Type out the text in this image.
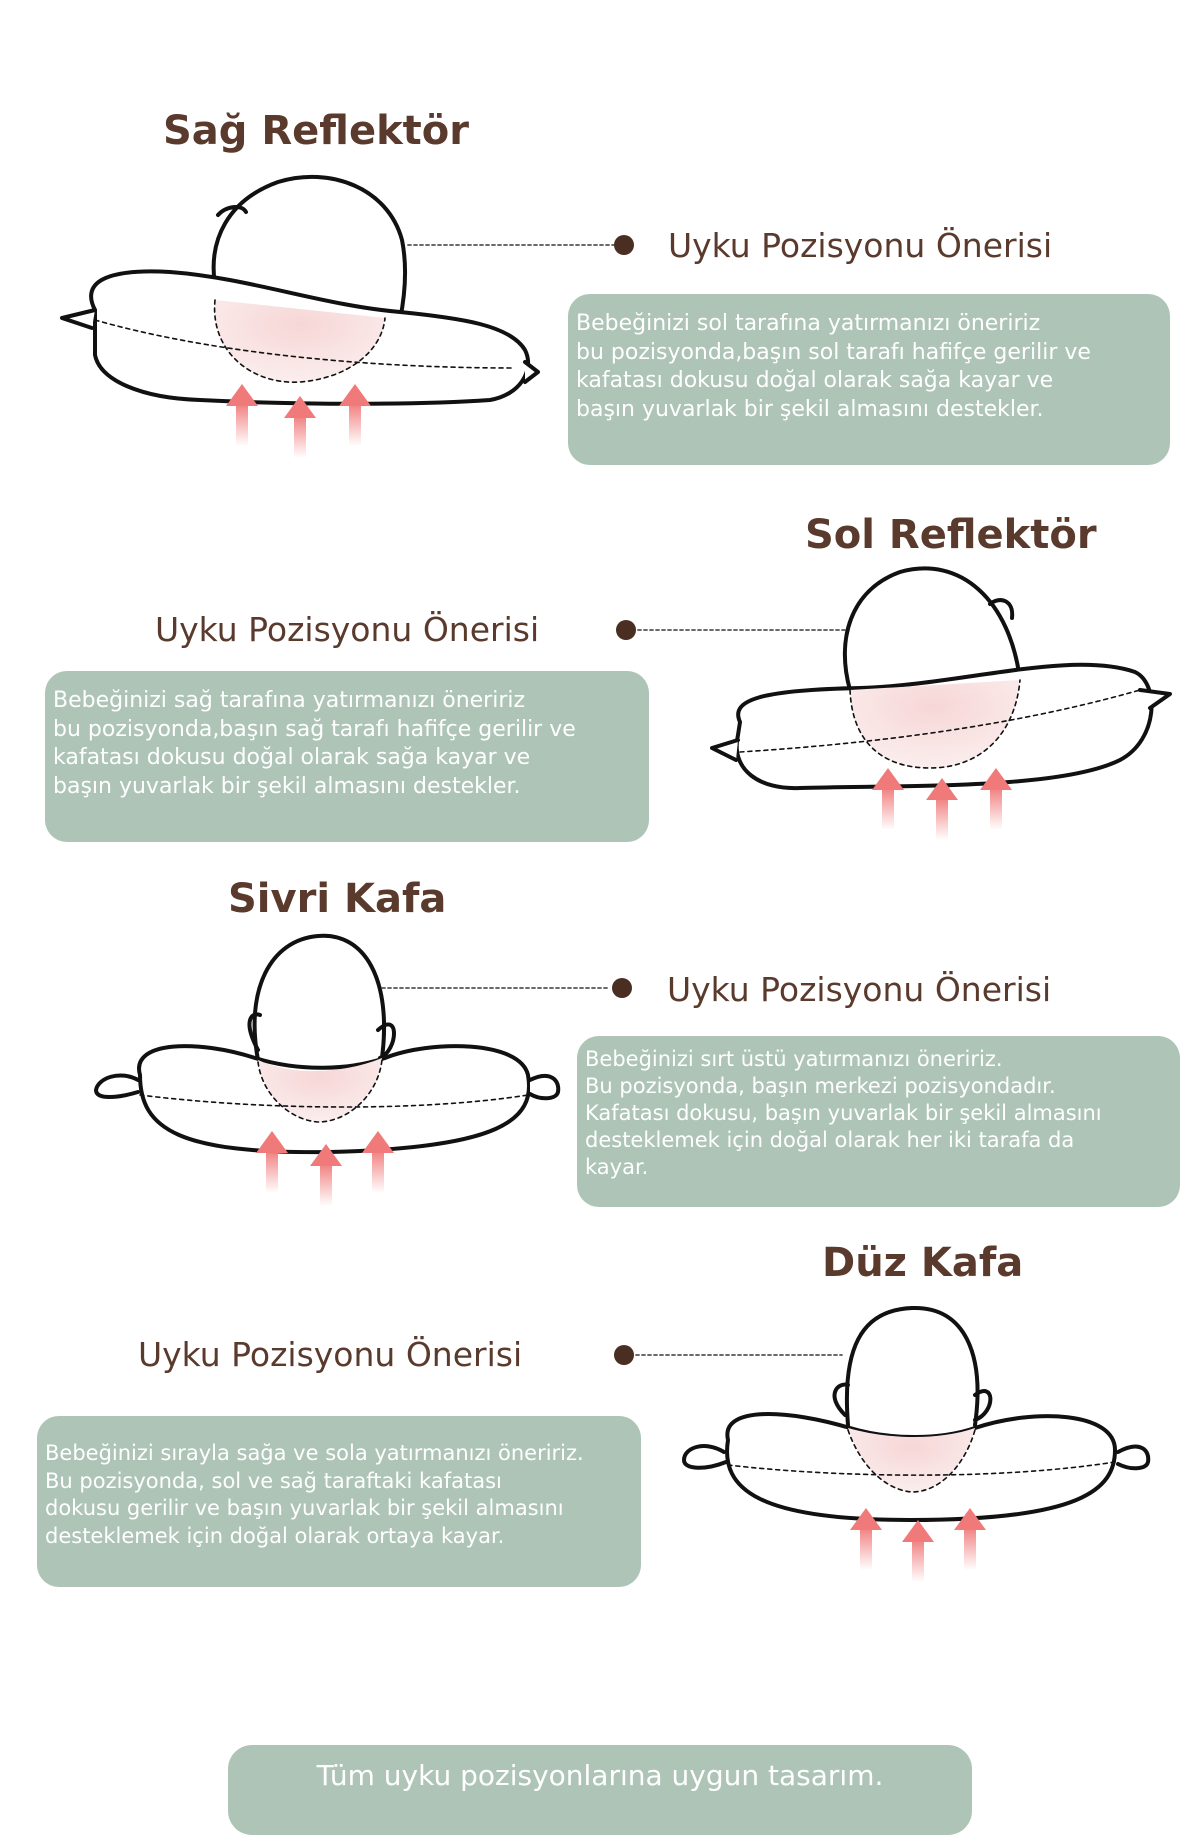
Sağ Reflektör
Uyku Pozisyonu Önerisi
Bebeğinizi sol tarafına yatırmanızı öneririz
bu pozisyonda,başın sol tarafı hafifçe gerilir ve
kafatası dokusu doğal olarak sağa kayar ve
başın yuvarlak bir şekil almasını destekler.
Sol Reflektör
Uyku Pozisyonu Önerisi
Bebeğinizi sağ tarafına yatırmanızı öneririz
bu pozisyonda,başın sağ tarafı hafifçe gerilir ve
kafatası dokusu doğal olarak sağa kayar ve
başın yuvarlak bir şekil almasını destekler.
Sivri Kafa
Uyku Pozisyonu Önerisi
Bebeğinizi sırt üstü yatırmanızı öneririz.
Bu pozisyonda, başın merkezi pozisyondadır.
Kafatası dokusu, başın yuvarlak bir şekil almasını
desteklemek için doğal olarak her iki tarafa da
kayar.
Düz Kafa
Uyku Pozisyonu Önerisi
Bebeğinizi sırayla sağa ve sola yatırmanızı öneririz.
Bu pozisyonda, sol ve sağ taraftaki kafatası
dokusu gerilir ve başın yuvarlak bir şekil almasını
desteklemek için doğal olarak ortaya kayar.
Tüm uyku pozisyonlarına uygun tasarım.
